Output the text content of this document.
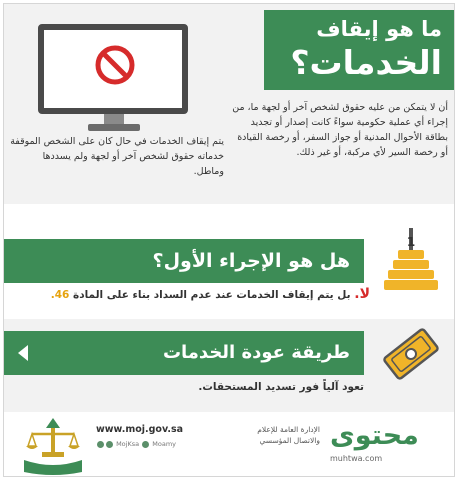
ما هو إيقاف
الخدمات؟

أن لا يتمكن من عليه حقوق لشخص آخر أو لجهة ما، من إجراء أي عملية حكومية سواءً كانت إصدار أو تجديد بطاقة الأحوال المدنية أو جواز السفر، أو رخصة القيادة أو رخصة السير لأي مركبة، أو غير ذلك.

يتم إيقاف الخدمات في حال كان على الشخص الموقفة خدماته حقوق لشخص آخر أو لجهة ولم يسددها وماطل.

1
هل هو الإجراء الأول؟

لا. بل يتم إيقاف الخدمات عند عدم السداد بناء على المادة 46.

طريقة عودة الخدمات

تعود آلياً فور تسديد المستحقات.

محتوى
muhtwa.com
الإدارة العامة للإعلام
والاتصال المؤسسي
www.moj.gov.sa
MojKsa Moamy
